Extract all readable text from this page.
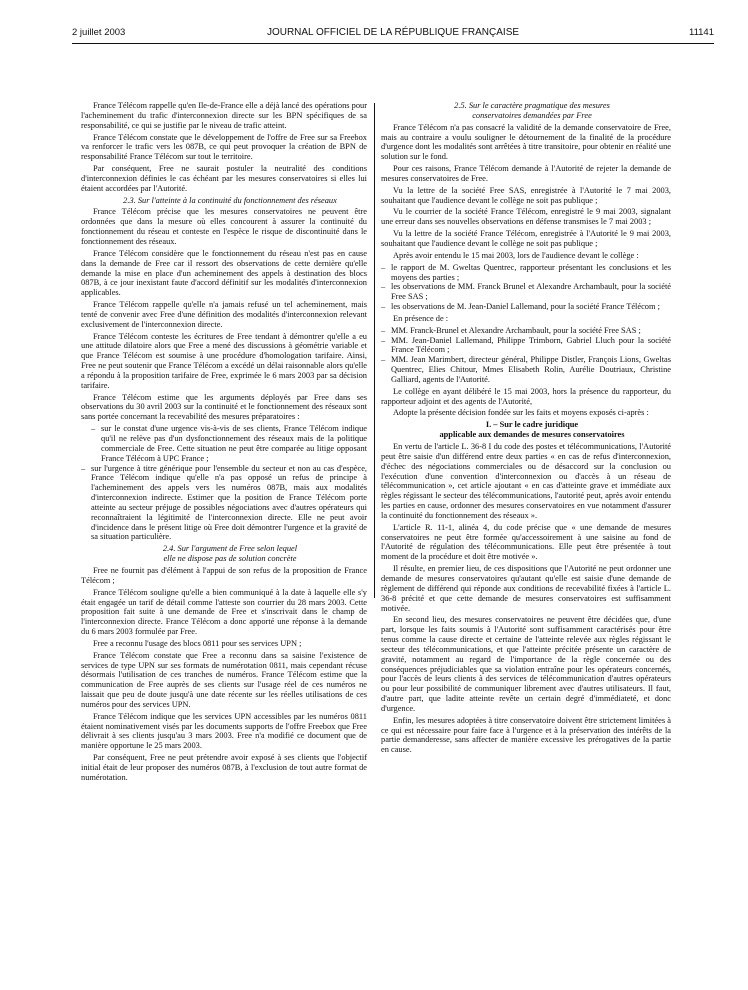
2 juillet 2003	JOURNAL OFFICIEL DE LA RÉPUBLIQUE FRANÇAISE	11141

France Télécom rappelle qu'en Ile-de-France elle a déjà lancé des opérations pour l'acheminement du trafic d'interconnexion directe sur les BPN spécifiques de sa responsabilité, ce qui se justifie par le niveau de trafic atteint.

France Télécom constate que le développement de l'offre de Free sur sa Freebox va renforcer le trafic vers les 087B, ce qui peut provoquer la création de BPN de responsabilité France Télécom sur tout le territoire.

Par conséquent, Free ne saurait postuler la neutralité des conditions d'interconnexion définies le cas échéant par les mesures conservatoires si elles lui étaient accordées par l'Autorité.

2.3. Sur l'atteinte à la continuité du fonctionnement des réseaux

France Télécom précise que les mesures conservatoires ne peuvent être ordonnées que dans la mesure où elles concourent à assurer la continuité du fonctionnement du réseau et conteste en l'espèce le risque de discontinuité dans le fonctionnement des réseaux.

France Télécom considère que le fonctionnement du réseau n'est pas en cause dans la demande de Free car il ressort des observations de cette dernière qu'elle demande la mise en place d'un acheminement des appels à destination des blocs 087B, à ce jour inexistant faute d'accord définitif sur les modalités d'interconnexion applicables.

France Télécom rappelle qu'elle n'a jamais refusé un tel acheminement, mais tenté de convenir avec Free d'une définition des modalités d'interconnexion relevant exclusivement de l'interconnexion directe.

France Télécom conteste les écritures de Free tendant à démontrer qu'elle a eu une attitude dilatoire alors que Free a mené des discussions à géométrie variable et que France Télécom est soumise à une procédure d'homologation tarifaire. Ainsi, Free ne peut soutenir que France Télécom a excédé un délai raisonnable alors qu'elle a répondu à la proposition tarifaire de Free, exprimée le 6 mars 2003 par sa décision tarifaire.

France Télécom estime que les arguments déployés par Free dans ses observations du 30 avril 2003 sur la continuité et le fonctionnement des réseaux sont sans portée concernant la recevabilité des mesures préparatoires :

– sur le constat d'une urgence vis-à-vis de ses clients, France Télécom indique qu'il ne relève pas d'un dysfonctionnement des réseaux mais de la politique commerciale de Free. Cette situation ne peut être comparée au litige opposant France Télécom à UPC France ;
– sur l'urgence à titre générique pour l'ensemble du secteur et non au cas d'espèce, France Télécom indique qu'elle n'a pas opposé un refus de principe à l'acheminement des appels vers les numéros 087B, mais aux modalités d'interconnexion indirecte. Estimer que la position de France Télécom porte atteinte au secteur préjuge de possibles négociations avec d'autres opérateurs qui reconnaîtraient la légitimité de l'interconnexion directe. Elle ne peut avoir d'incidence dans le présent litige où Free doit démontrer l'urgence et la gravité de sa situation particulière.

2.4. Sur l'argument de Free selon lequel

elle ne dispose pas de solution concrète

Free ne fournit pas d'élément à l'appui de son refus de la proposition de France Télécom ;

France Télécom souligne qu'elle a bien communiqué à la date à laquelle elle s'y était engagée un tarif de détail comme l'atteste son courrier du 28 mars 2003. Cette proposition fait suite à une demande de Free et s'inscrivait dans le champ de l'interconnexion directe. France Télécom a donc apporté une réponse à la demande du 6 mars 2003 formulée par Free.

Free a reconnu l'usage des blocs 0811 pour ses services UPN ;

France Télécom constate que Free a reconnu dans sa saisine l'existence de services de type UPN sur ses formats de numérotation 0811, mais cependant récuse désormais l'utilisation de ces tranches de numéros. France Télécom estime que la communication de Free auprès de ses clients sur l'usage réel de ces numéros ne laissait que peu de doute jusqu'à une date récente sur les réelles utilisations de ces numéros pour des services UPN.

France Télécom indique que les services UPN accessibles par les numéros 0811 étaient nominativement visés par les documents supports de l'offre Freebox que Free délivrait à ses clients jusqu'au 3 mars 2003. Free n'a modifié ce document que de manière opportune le 25 mars 2003.

Par conséquent, Free ne peut prétendre avoir exposé à ses clients que l'objectif initial était de leur proposer des numéros 087B, à l'exclusion de tout autre format de numérotation.

2.5. Sur le caractère pragmatique des mesures

conservatoires demandées par Free

France Télécom n'a pas consacré la validité de la demande conservatoire de Free, mais au contraire a voulu souligner le détournement de la finalité de la procédure d'urgence dont les modalités sont arrêtées à titre transitoire, pour obtenir en réalité une solution sur le fond.

Pour ces raisons, France Télécom demande à l'Autorité de rejeter la demande de mesures conservatoires de Free.

Vu la lettre de la société Free SAS, enregistrée à l'Autorité le 7 mai 2003, souhaitant que l'audience devant le collège ne soit pas publique ;

Vu le courrier de la société France Télécom, enregistré le 9 mai 2003, signalant une erreur dans ses nouvelles observations en défense transmises le 7 mai 2003 ;

Vu la lettre de la société France Télécom, enregistrée à l'Autorité le 9 mai 2003, souhaitant que l'audience devant le collège ne soit pas publique ;

Après avoir entendu le 15 mai 2003, lors de l'audience devant le collège :

– le rapport de M. Gweltas Quentrec, rapporteur présentant les conclusions et les moyens des parties ;
– les observations de MM. Franck Brunel et Alexandre Archambault, pour la société Free SAS ;
– les observations de M. Jean-Daniel Lallemand, pour la société France Télécom ;

En présence de :

– MM. Franck-Brunel et Alexandre Archambault, pour la société Free SAS ;
– MM. Jean-Daniel Lallemand, Philippe Trimborn, Gabriel Lluch pour la société France Télécom ;
– MM. Jean Marimbert, directeur général, Philippe Distler, François Lions, Gweltas Quentrec, Elies Chitour, Mmes Elisabeth Rolin, Aurélie Doutriaux, Christine Galliard, agents de l'Autorité.

Le collège en ayant délibéré le 15 mai 2003, hors la présence du rapporteur, du rapporteur adjoint et des agents de l'Autorité,

Adopte la présente décision fondée sur les faits et moyens exposés ci-après :

I. – Sur le cadre juridique

applicable aux demandes de mesures conservatoires

En vertu de l'article L. 36-8 I du code des postes et télécommunications, l'Autorité peut être saisie d'un différend entre deux parties « en cas de refus d'interconnexion, d'échec des négociations commerciales ou de désaccord sur la conclusion ou l'exécution d'une convention d'interconnexion ou d'accès à un réseau de télécommunication », cet article ajoutant « en cas d'atteinte grave et immédiate aux règles régissant le secteur des télécommunications, l'autorité peut, après avoir entendu les parties en cause, ordonner des mesures conservatoires en vue notamment d'assurer la continuité du fonctionnement des réseaux ».

L'article R. 11-1, alinéa 4, du code précise que « une demande de mesures conservatoires ne peut être formée qu'accessoirement à une saisine au fond de l'Autorité de régulation des télécommunications. Elle peut être présentée à tout moment de la procédure et doit être motivée ».

Il résulte, en premier lieu, de ces dispositions que l'Autorité ne peut ordonner une demande de mesures conservatoires qu'autant qu'elle est saisie d'une demande de règlement de différend qui réponde aux conditions de recevabilité fixées à l'article L. 36-8 précité et que cette demande de mesures conservatoires est suffisamment motivée.

En second lieu, des mesures conservatoires ne peuvent être décidées que, d'une part, lorsque les faits soumis à l'Autorité sont suffisamment caractérisés pour être tenus comme la cause directe et certaine de l'atteinte relevée aux règles régissant le secteur des télécommunications, et que l'atteinte précitée présente un caractère de gravité, notamment au regard de l'importance de la règle concernée ou des conséquences préjudiciables que sa violation entraîne pour les opérateurs concernés, pour l'accès de leurs clients à des services de télécommunication d'autres opérateurs ou pour leur possibilité de communiquer librement avec d'autres utilisateurs. Il faut, d'autre part, que ladite atteinte revête un certain degré d'immédiateté, et donc d'urgence.

Enfin, les mesures adoptées à titre conservatoire doivent être strictement limitées à ce qui est nécessaire pour faire face à l'urgence et à la préservation des intérêts de la partie demanderesse, sans affecter de manière excessive les prérogatives de la partie en cause.
